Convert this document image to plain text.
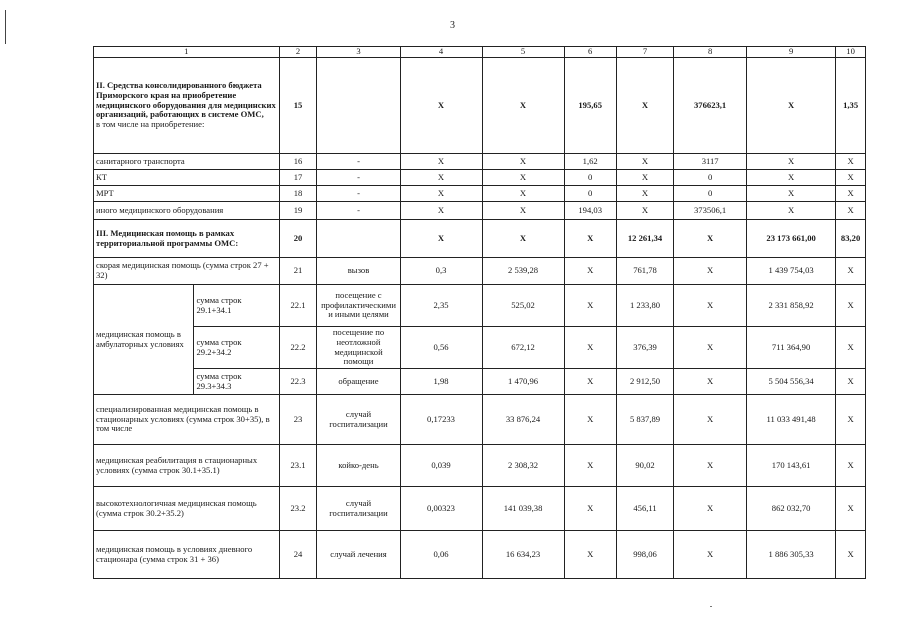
3
1		2	3	4	5	6	7	8	9	10

II. Средства консолидированного бюджета Приморского края на приобретение медицинского оборудования для медицинских организаций, работающих в системе ОМС,
в том числе на приобретение:		15		X	X	195,65	X	376623,1	X	1,35
санитарного транспорта		16	-	X	X	1,62	X	3117	X	X
КТ		17	-	X	X	0	X	0	X	X
МРТ		18	-	X	X	0	X	0	X	X
иного медицинского оборудования		19	-	X	X	194,03	X	373506,1	X	X
III. Медицинская помощь в рамках территориальной программы ОМС:		20		X	X	X	12 261,34	X	23 173 661,00	83,20
скорая медицинская помощь (сумма строк 27 + 32)		21	вызов	0,3	2 539,28	X	761,78	X	1 439 754,03	X
медицинская помощь в амбулаторных условиях	сумма строк 29.1+34.1	22.1	посещение с профилактическими и иными целями	2,35	525,02	X	1 233,80	X	2 331 858,92	X
	сумма строк 29.2+34.2	22.2	посещение по неотложной медицинской помощи	0,56	672,12	X	376,39	X	711 364,90	X
	сумма строк 29.3+34.3	22.3	обращение	1,98	1 470,96	X	2 912,50	X	5 504 556,34	X
специализированная медицинская помощь в стационарных условиях (сумма строк 30+35), в том числе		23	случай госпитализации	0,17233	33 876,24	X	5 837,89	X	11 033 491,48	X
медицинская реабилитация в стационарных условиях (сумма строк 30.1+35.1)		23.1	койко-день	0,039	2 308,32	X	90,02	X	170 143,61	X
высокотехнологичная медицинская помощь (сумма строк 30.2+35.2)		23.2	случай госпитализации	0,00323	141 039,38	X	456,11	X	862 032,70	X
медицинская помощь в условиях дневного стационара (сумма строк 31 + 36)		24	случай лечения	0,06	16 634,23	X	998,06	X	1 886 305,33	X
